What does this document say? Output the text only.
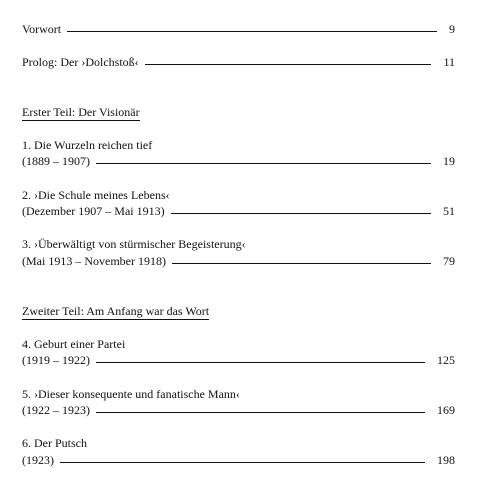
Vorwort	9
Prolog: Der ›Dolchstoß‹	11
Erster Teil: Der Visionär
1. Die Wurzeln reichen tief
(1889 – 1907)	19
2. ›Die Schule meines Lebens‹
(Dezember 1907 – Mai 1913)	51
3. ›Überwältigt von stürmischer Begeisterung‹
(Mai 1913 – November 1918)	79
Zweiter Teil: Am Anfang war das Wort
4. Geburt einer Partei
(1919 – 1922)	125
5. ›Dieser konsequente und fanatische Mann‹
(1922 – 1923)	169
6. Der Putsch
(1923)	198
